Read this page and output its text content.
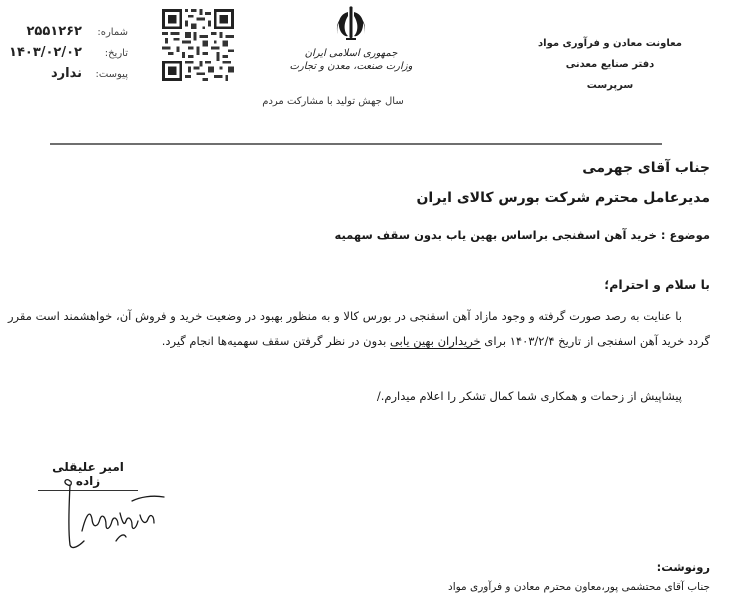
شماره:
۲۵۵۱۲۶۲
تاریخ:
۱۴۰۳/۰۲/۰۲
پیوست:
ندارد
جمهوری اسلامی ایران
وزارت صنعت، معدن و تجارت
سال جهش تولید با مشارکت مردم
معاونت معادن و فرآوری مواد
دفتر صنایع معدنی
سرپرست
جناب آقای جهرمی
مدیرعامل محترم شرکت بورس کالای ایران
موضوع : خرید آهن اسفنجی براساس بهین یاب بدون سقف سهمیه
با سلام و احترام؛
با عنایت به رصد صورت گرفته و وجود مازاد آهن اسفنجی در بورس کالا و به منظور بهبود در وضعیت خرید و فروش آن، خواهشمند است مقرر گردد خرید آهن اسفنجی از تاریخ ۱۴۰۳/۲/۴ برای خریداران بهین یابی بدون در نظر گرفتن سقف سهمیه‌ها انجام گیرد.
پیشاپیش از زحمات و همکاری شما کمال تشکر را اعلام میدارم./
امیر علیقلی زاده
رونوشت:
جناب آقای محتشمی پور،معاون محترم معادن و فرآوری مواد
